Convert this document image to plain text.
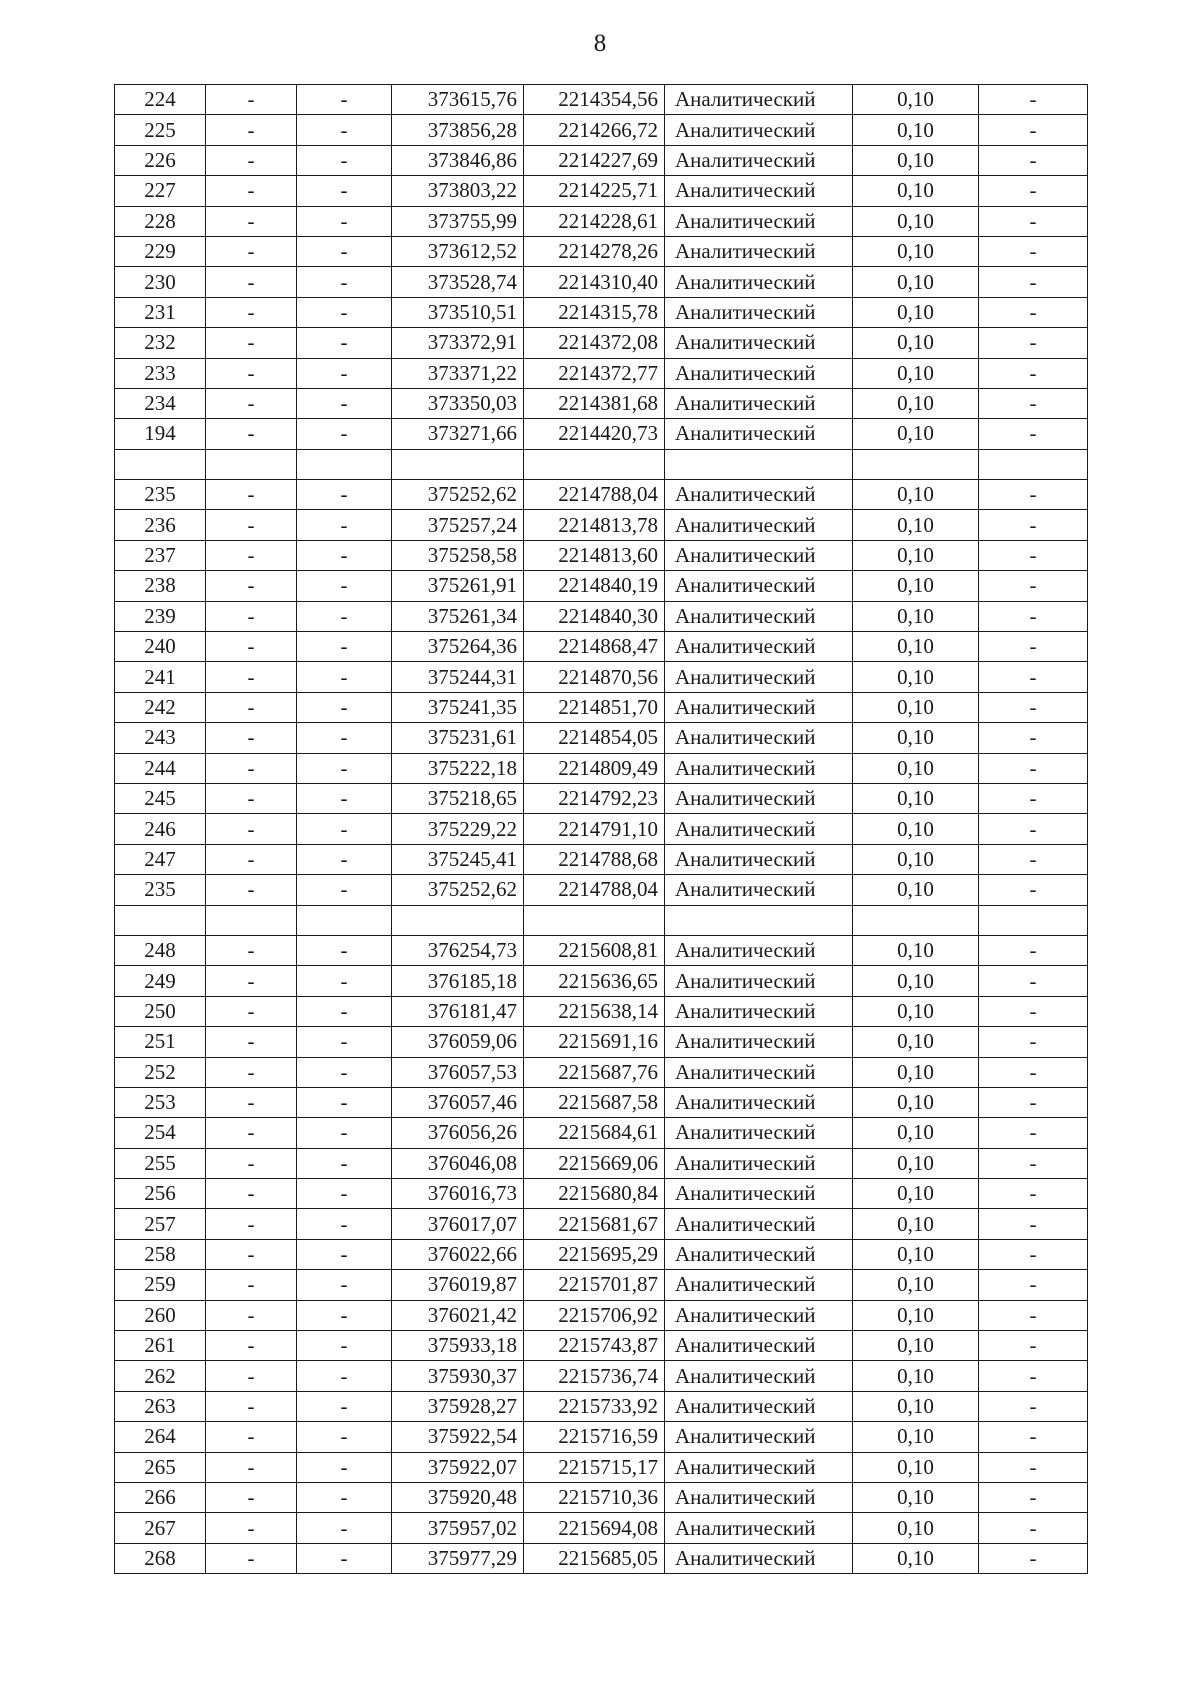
8
224	-	-	373615,76	2214354,56	Аналитический	0,10	-
225	-	-	373856,28	2214266,72	Аналитический	0,10	-
226	-	-	373846,86	2214227,69	Аналитический	0,10	-
227	-	-	373803,22	2214225,71	Аналитический	0,10	-
228	-	-	373755,99	2214228,61	Аналитический	0,10	-
229	-	-	373612,52	2214278,26	Аналитический	0,10	-
230	-	-	373528,74	2214310,40	Аналитический	0,10	-
231	-	-	373510,51	2214315,78	Аналитический	0,10	-
232	-	-	373372,91	2214372,08	Аналитический	0,10	-
233	-	-	373371,22	2214372,77	Аналитический	0,10	-
234	-	-	373350,03	2214381,68	Аналитический	0,10	-
194	-	-	373271,66	2214420,73	Аналитический	0,10	-

235	-	-	375252,62	2214788,04	Аналитический	0,10	-
236	-	-	375257,24	2214813,78	Аналитический	0,10	-
237	-	-	375258,58	2214813,60	Аналитический	0,10	-
238	-	-	375261,91	2214840,19	Аналитический	0,10	-
239	-	-	375261,34	2214840,30	Аналитический	0,10	-
240	-	-	375264,36	2214868,47	Аналитический	0,10	-
241	-	-	375244,31	2214870,56	Аналитический	0,10	-
242	-	-	375241,35	2214851,70	Аналитический	0,10	-
243	-	-	375231,61	2214854,05	Аналитический	0,10	-
244	-	-	375222,18	2214809,49	Аналитический	0,10	-
245	-	-	375218,65	2214792,23	Аналитический	0,10	-
246	-	-	375229,22	2214791,10	Аналитический	0,10	-
247	-	-	375245,41	2214788,68	Аналитический	0,10	-
235	-	-	375252,62	2214788,04	Аналитический	0,10	-

248	-	-	376254,73	2215608,81	Аналитический	0,10	-
249	-	-	376185,18	2215636,65	Аналитический	0,10	-
250	-	-	376181,47	2215638,14	Аналитический	0,10	-
251	-	-	376059,06	2215691,16	Аналитический	0,10	-
252	-	-	376057,53	2215687,76	Аналитический	0,10	-
253	-	-	376057,46	2215687,58	Аналитический	0,10	-
254	-	-	376056,26	2215684,61	Аналитический	0,10	-
255	-	-	376046,08	2215669,06	Аналитический	0,10	-
256	-	-	376016,73	2215680,84	Аналитический	0,10	-
257	-	-	376017,07	2215681,67	Аналитический	0,10	-
258	-	-	376022,66	2215695,29	Аналитический	0,10	-
259	-	-	376019,87	2215701,87	Аналитический	0,10	-
260	-	-	376021,42	2215706,92	Аналитический	0,10	-
261	-	-	375933,18	2215743,87	Аналитический	0,10	-
262	-	-	375930,37	2215736,74	Аналитический	0,10	-
263	-	-	375928,27	2215733,92	Аналитический	0,10	-
264	-	-	375922,54	2215716,59	Аналитический	0,10	-
265	-	-	375922,07	2215715,17	Аналитический	0,10	-
266	-	-	375920,48	2215710,36	Аналитический	0,10	-
267	-	-	375957,02	2215694,08	Аналитический	0,10	-
268	-	-	375977,29	2215685,05	Аналитический	0,10	-
